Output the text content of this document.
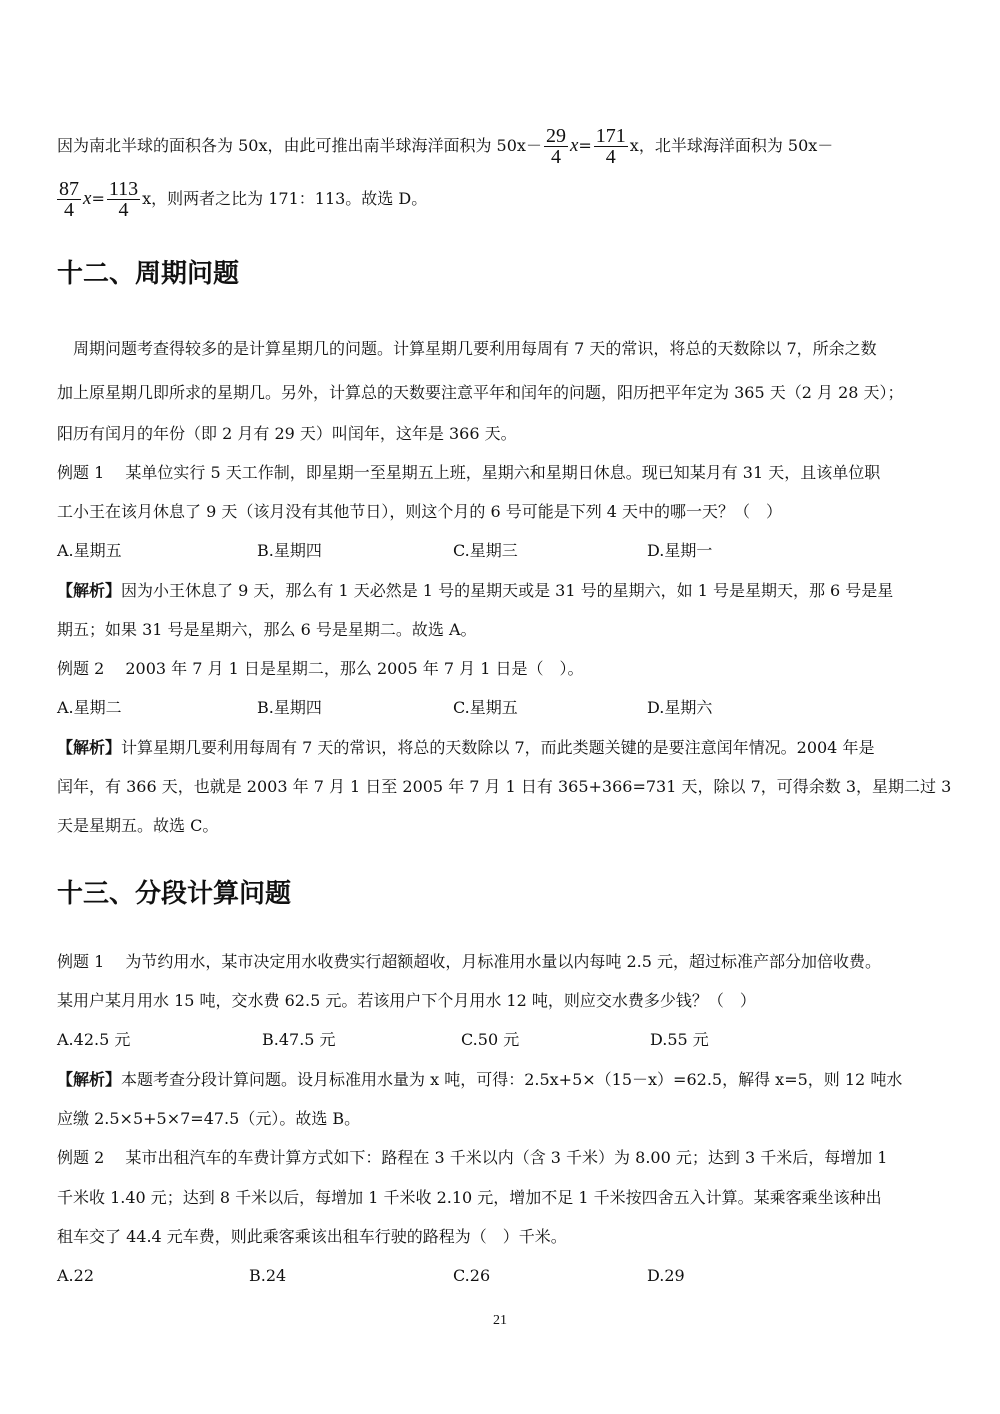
因为南北半球的面积各为 50x，由此可推出南半球海洋面积为 $50x- \frac{29}{4} x= \frac{171}{4}$ x，北半球海洋面积为 50x－
$\frac{87}{4} x= \frac{113}{4}$ x，则两者之比为 171：113。故选 D。
十二、周期问题
周期问题考查得较多的是计算星期几的问题。计算星期几要利用每周有 7 天的常识，将总的天数除以 7，所余之数
加上原星期几即所求的星期几。另外，计算总的天数要注意平年和闰年的问题，阳历把平年定为 365 天（2 月 28 天）；
阳历有闰月的年份（即 2 月有 29 天）叫闰年，这年是 366 天。
例题 1　 某单位实行 5 天工作制，即星期一至星期五上班，星期六和星期日休息。现已知某月有 31 天，且该单位职
工小王在该月休息了 9 天（该月没有其他节日），则这个月的 6 号可能是下列 4 天中的哪一天？（　）
A.星期五	B.星期四	C.星期三	D.星期一
【解析】因为小王休息了 9 天，那么有 1 天必然是 1 号的星期天或是 31 号的星期六，如 1 号是星期天，那 6 号是星
期五；如果 31 号是星期六，那么 6 号是星期二。故选 A。
例题 2　 2003 年 7 月 1 日是星期二，那么 2005 年 7 月 1 日是（　）。
A.星期二	B.星期四	C.星期五	D.星期六
【解析】计算星期几要利用每周有 7 天的常识，将总的天数除以 7，而此类题关键的是要注意闰年情况。2004 年是
闰年，有 366 天，也就是 2003 年 7 月 1 日至 2005 年 7 月 1 日有 365+366=731 天，除以 7，可得余数 3，星期二过 3
天是星期五。故选 C。
十三、分段计算问题
例题 1　 为节约用水，某市决定用水收费实行超额超收，月标准用水量以内每吨 2.5 元，超过标准产部分加倍收费。
某用户某月用水 15 吨，交水费 62.5 元。若该用户下个月用水 12 吨，则应交水费多少钱？（　）
A.42.5 元	B.47.5 元	C.50 元	D.55 元
【解析】本题考查分段计算问题。设月标准用水量为 x 吨，可得：2.5x+5×（15－x）=62.5，解得 x=5，则 12 吨水
应缴 2.5×5+5×7=47.5（元）。故选 B。
例题 2　 某市出租汽车的车费计算方式如下：路程在 3 千米以内（含 3 千米）为 8.00 元；达到 3 千米后，每增加 1
千米收 1.40 元；达到 8 千米以后，每增加 1 千米收 2.10 元，增加不足 1 千米按四舍五入计算。某乘客乘坐该种出
租车交了 44.4 元车费，则此乘客乘该出租车行驶的路程为（　）千米。
A.22	B.24	C.26	D.29
21
